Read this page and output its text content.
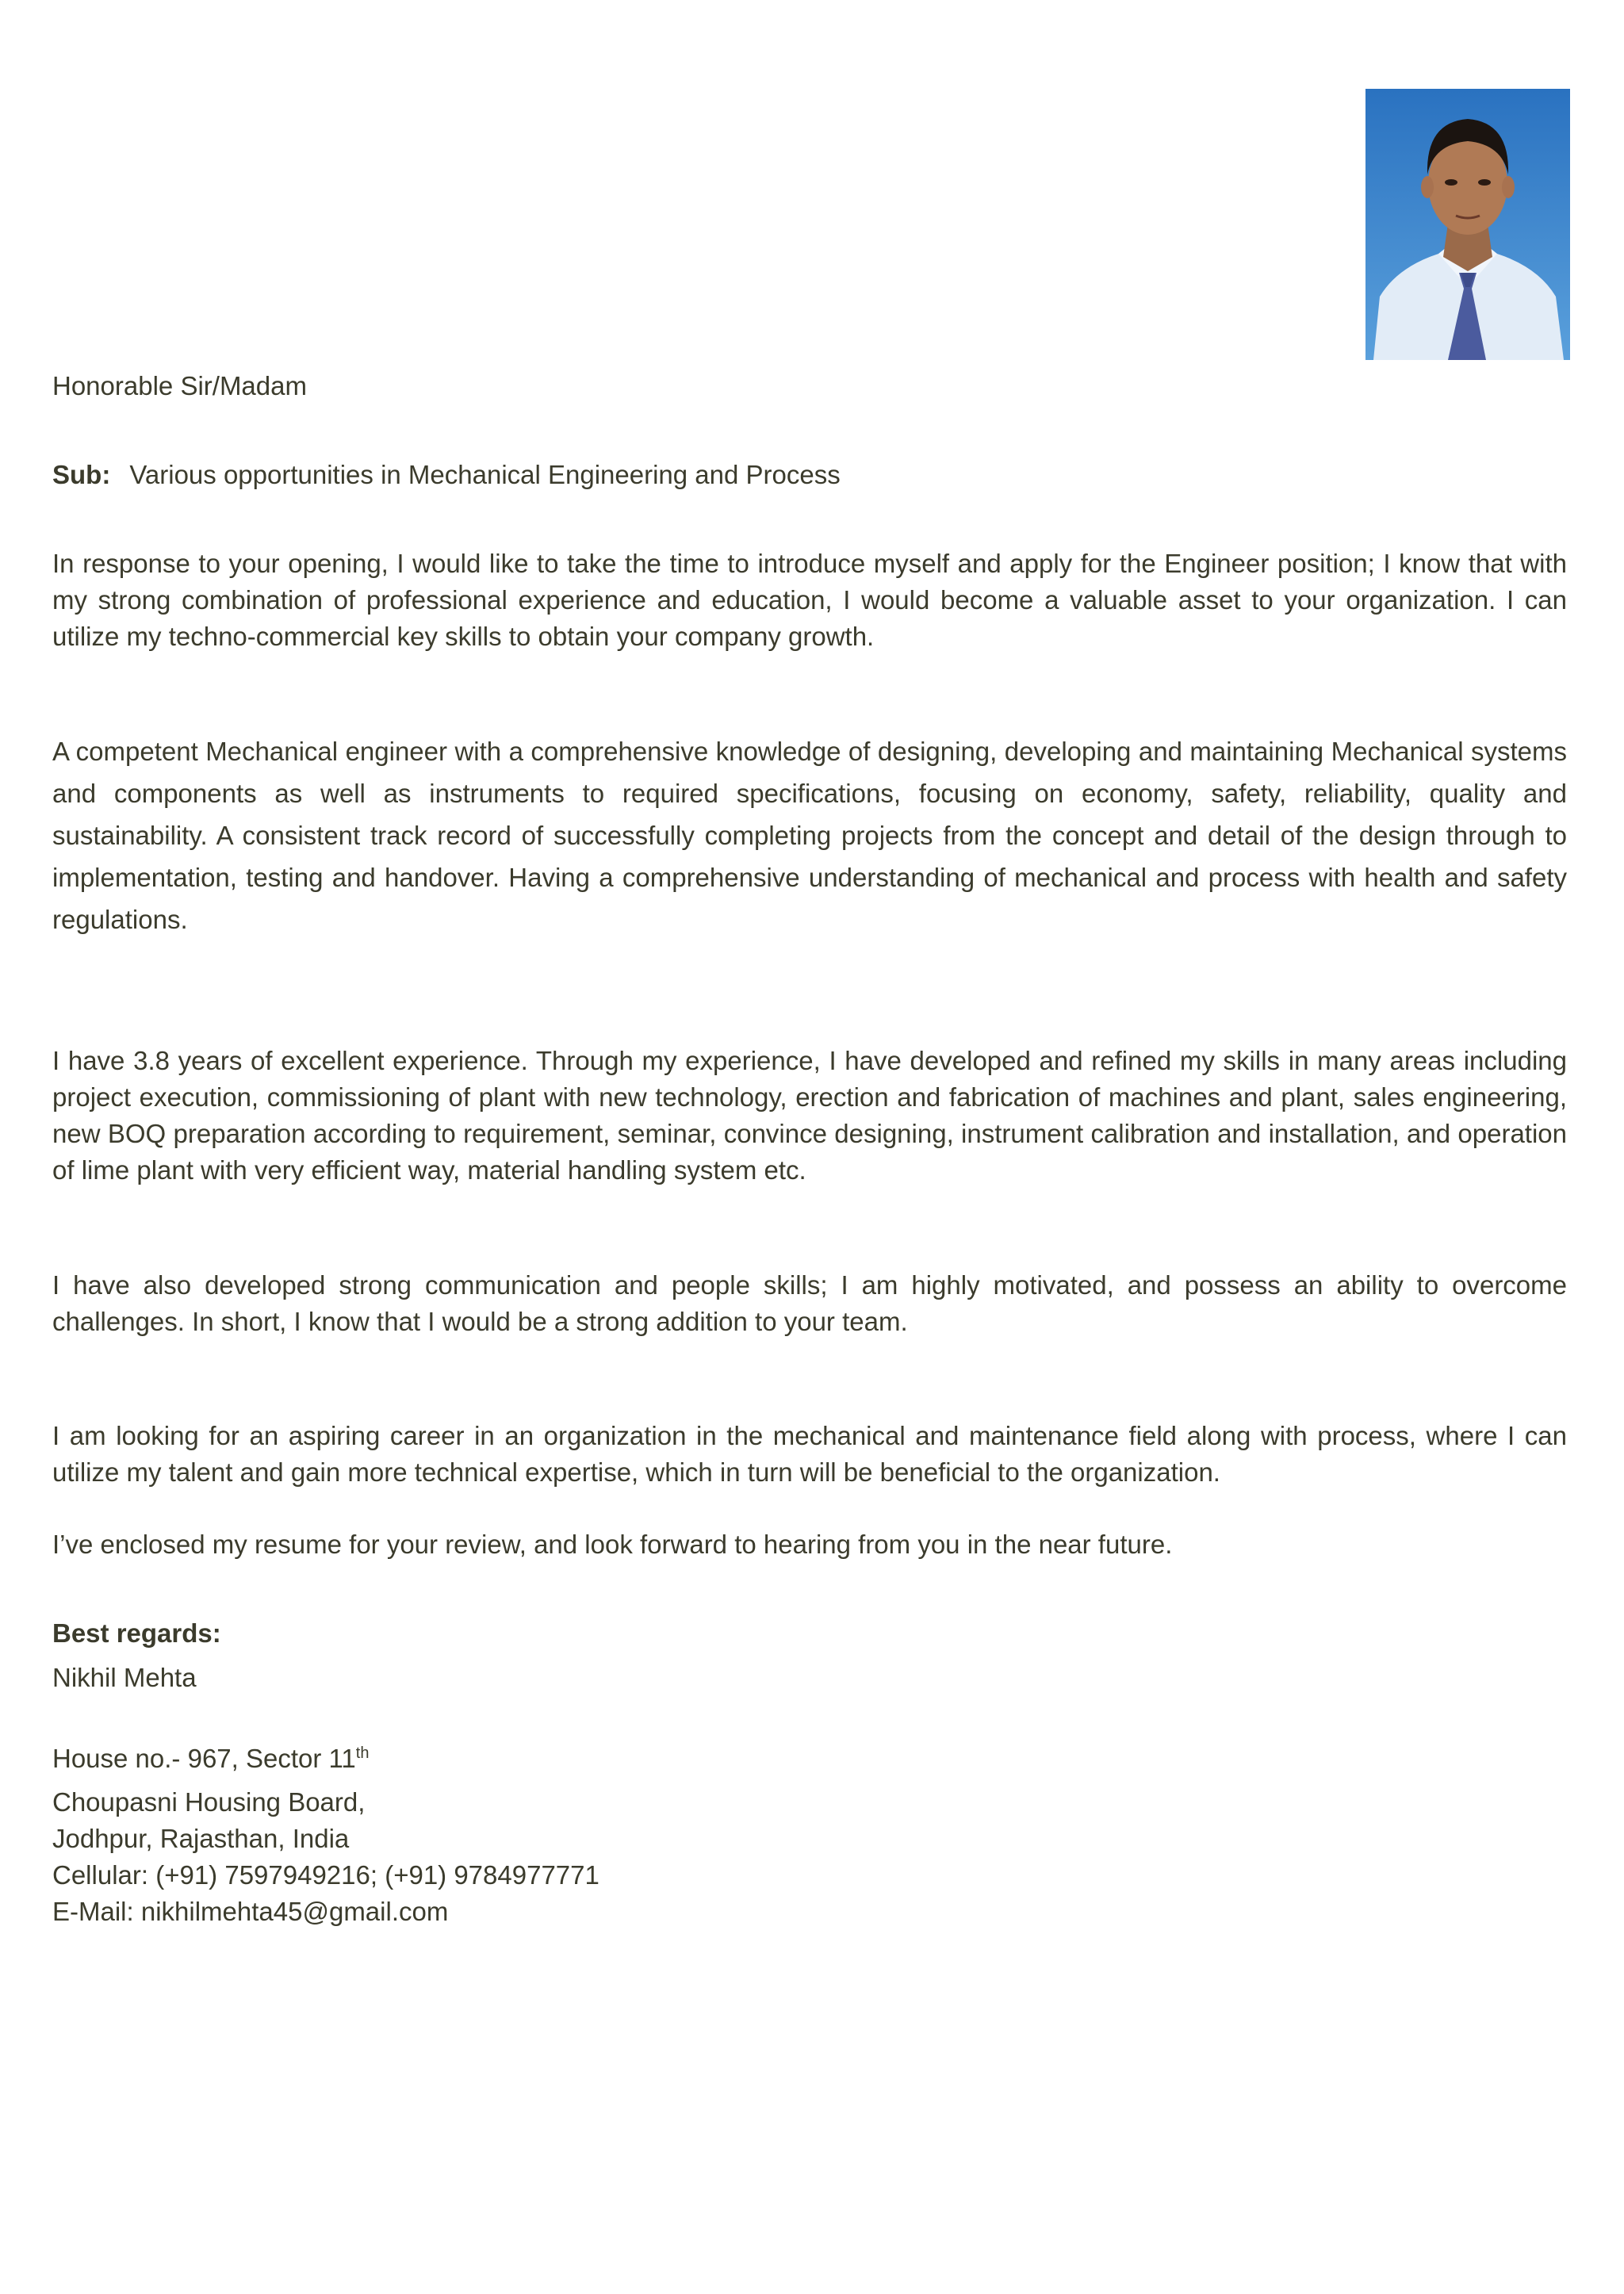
Honorable Sir/Madam
Sub: Various opportunities in Mechanical Engineering and Process
In response to your opening, I would like to take the time to introduce myself and apply for the Engineer position; I know that with my strong combination of professional experience and education, I would become a valuable asset to your organization. I can utilize my techno-commercial key skills to obtain your company growth.
A competent Mechanical engineer with a comprehensive knowledge of designing, developing and maintaining Mechanical systems and components as well as instruments to required specifications, focusing on economy, safety, reliability, quality and sustainability. A consistent track record of successfully completing projects from the concept and detail of the design through to implementation, testing and handover. Having a comprehensive understanding of mechanical and process with health and safety regulations.
I have 3.8 years of excellent experience. Through my experience, I have developed and refined my skills in many areas including project execution, commissioning of plant with new technology, erection and fabrication of machines and plant, sales engineering, new BOQ preparation according to requirement, seminar, convince designing, instrument calibration and installation, and operation of lime plant with very efficient way, material handling system etc.
I have also developed strong communication and people skills; I am highly motivated, and possess an ability to overcome challenges. In short, I know that I would be a strong addition to your team.
I am looking for an aspiring career in an organization in the mechanical and maintenance field along with process, where I can utilize my talent and gain more technical expertise, which in turn will be beneficial to the organization.
I’ve enclosed my resume for your review, and look forward to hearing from you in the near future.
Best regards:
Nikhil Mehta
House no.- 967, Sector 11th
Choupasni Housing Board,
Jodhpur, Rajasthan, India
Cellular: (+91) 7597949216; (+91) 9784977771
E-Mail: nikhilmehta45@gmail.com
